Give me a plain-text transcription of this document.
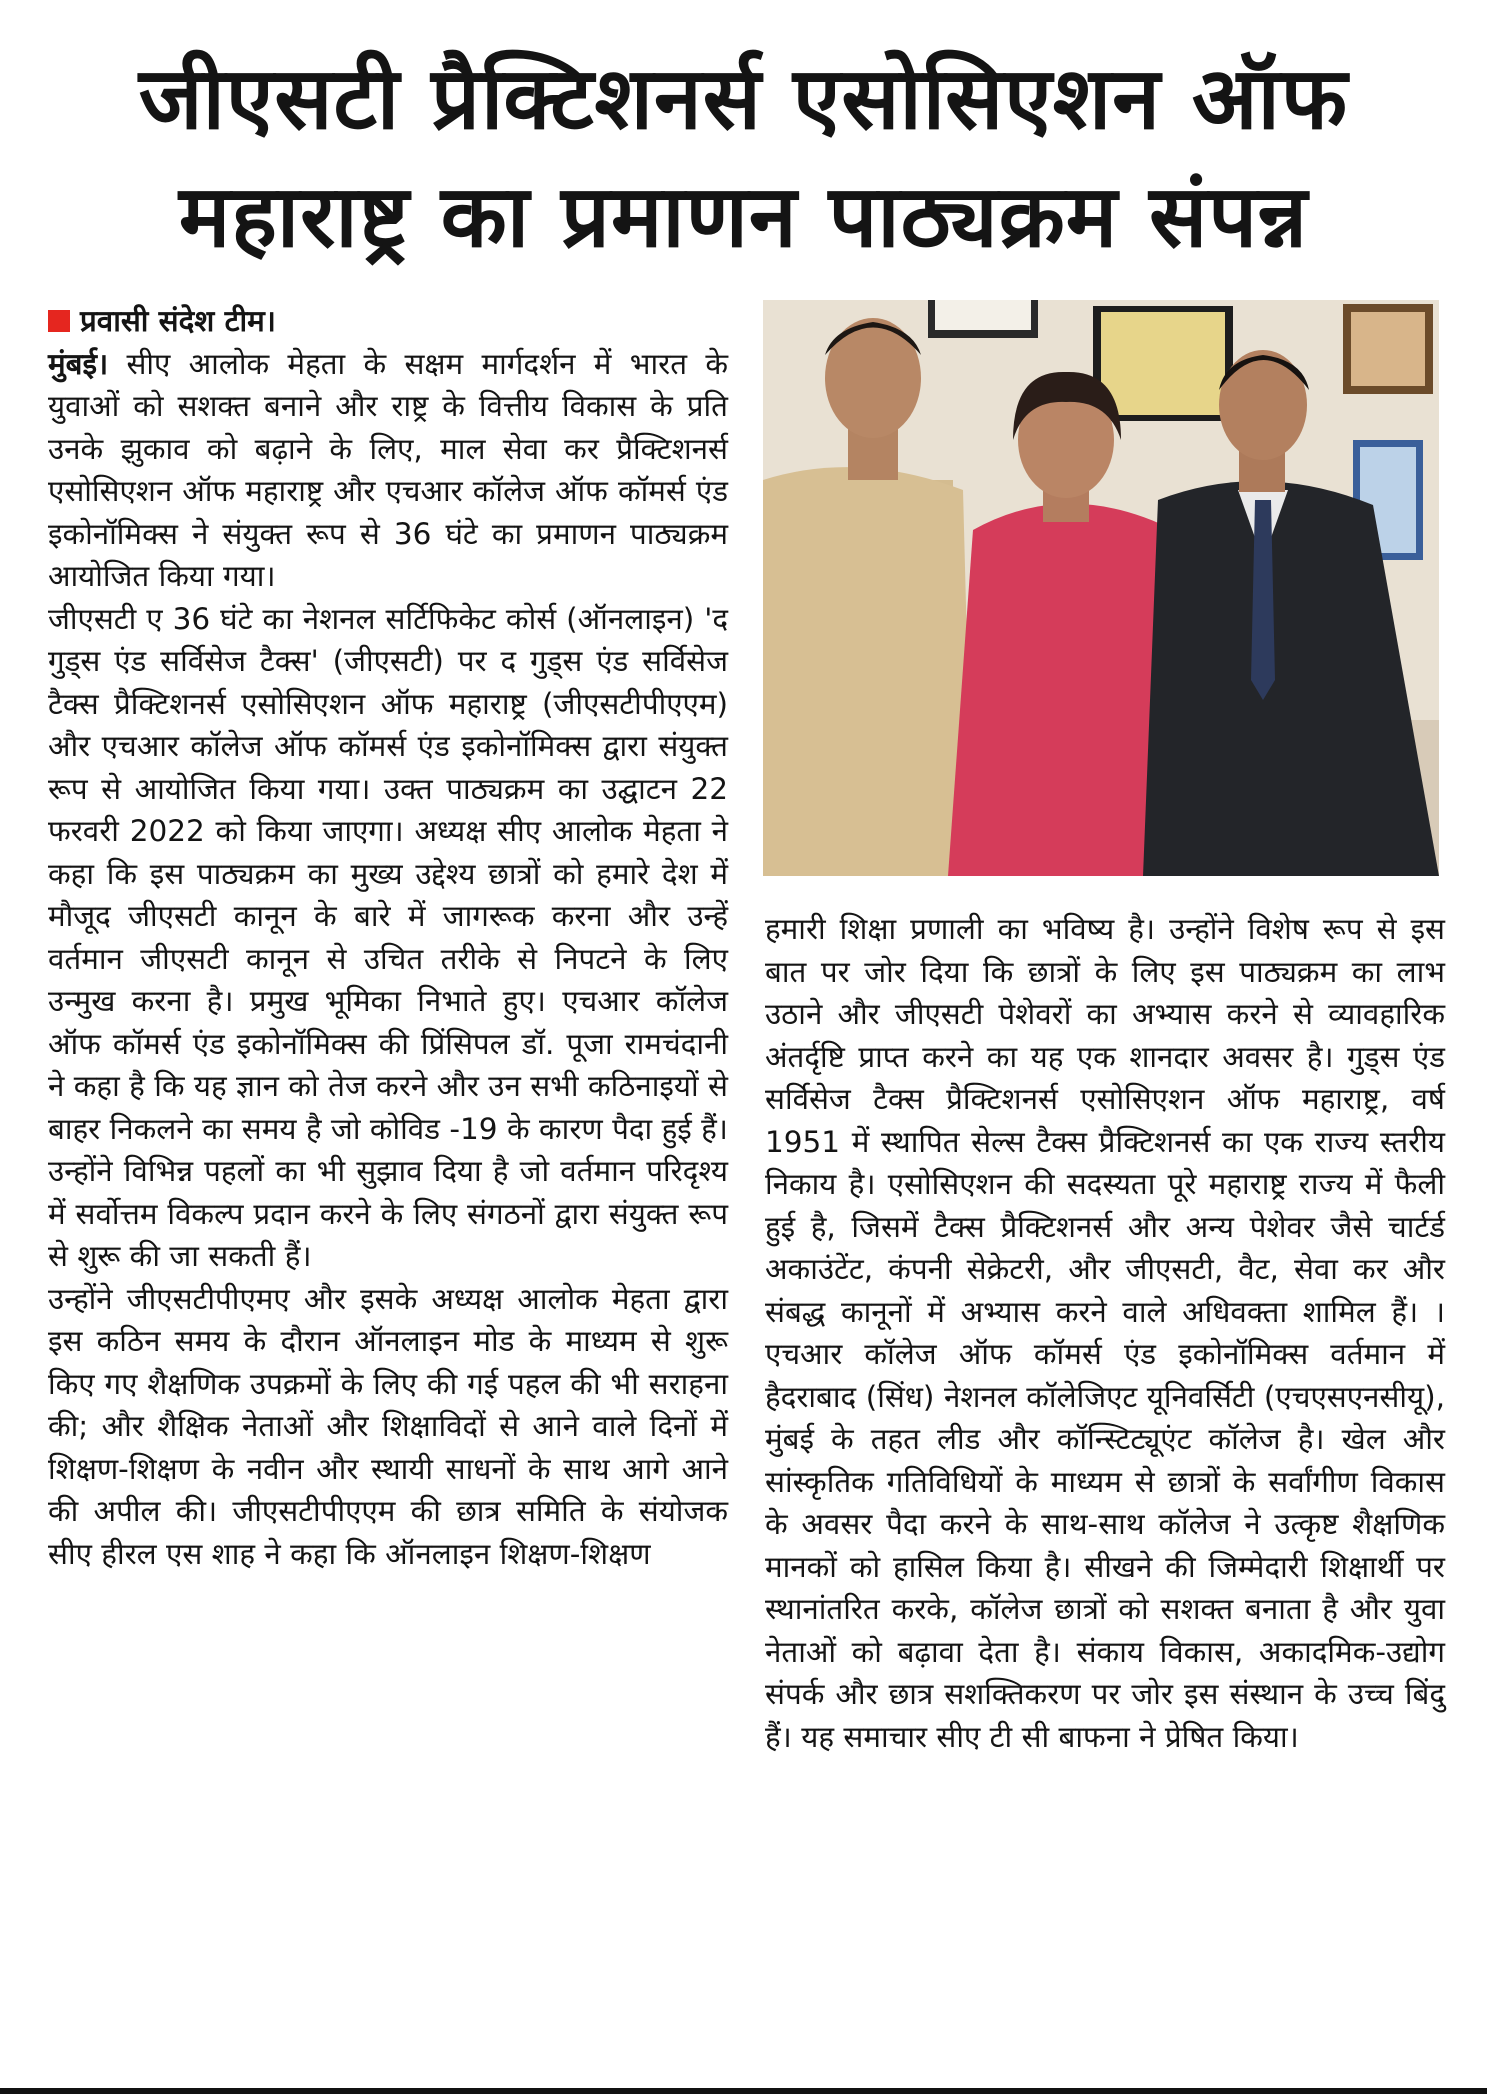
जीएसटी प्रैक्टिशनर्स एसोसिएशन ऑफ
महाराष्ट्र का प्रमाणन पाठ्यक्रम संपन्न

प्रवासी संदेश टीम।

मुंबई। सीए आलोक मेहता के सक्षम मार्गदर्शन में भारत के युवाओं को सशक्त बनाने और राष्ट्र के वित्तीय विकास के प्रति उनके झुकाव को बढ़ाने के लिए, माल सेवा कर प्रैक्टिशनर्स एसोसिएशन ऑफ महाराष्ट्र और एचआर कॉलेज ऑफ कॉमर्स एंड इकोनॉमिक्स ने संयुक्त रूप से 36 घंटे का प्रमाणन पाठ्यक्रम आयोजित किया गया।

जीएसटी ए 36 घंटे का नेशनल सर्टिफिकेट कोर्स (ऑनलाइन) 'द गुड्स एंड सर्विसेज टैक्स' (जीएसटी) पर द गुड्स एंड सर्विसेज टैक्स प्रैक्टिशनर्स एसोसिएशन ऑफ महाराष्ट्र (जीएसटीपीएएम) और एचआर कॉलेज ऑफ कॉमर्स एंड इकोनॉमिक्स द्वारा संयुक्त रूप से आयोजित किया गया। उक्त पाठ्यक्रम का उद्घाटन 22 फरवरी 2022 को किया जाएगा। अध्यक्ष सीए आलोक मेहता ने कहा कि इस पाठ्यक्रम का मुख्य उद्देश्य छात्रों को हमारे देश में मौजूद जीएसटी कानून के बारे में जागरूक करना और उन्हें वर्तमान जीएसटी कानून से उचित तरीके से निपटने के लिए उन्मुख करना है। प्रमुख भूमिका निभाते हुए। एचआर कॉलेज ऑफ कॉमर्स एंड इकोनॉमिक्स की प्रिंसिपल डॉ. पूजा रामचंदानी ने कहा है कि यह ज्ञान को तेज करने और उन सभी कठिनाइयों से बाहर निकलने का समय है जो कोविड -19 के कारण पैदा हुई हैं। उन्होंने विभिन्न पहलों का भी सुझाव दिया है जो वर्तमान परिदृश्य में सर्वोत्तम विकल्प प्रदान करने के लिए संगठनों द्वारा संयुक्त रूप से शुरू की जा सकती हैं।

उन्होंने जीएसटीपीएमए और इसके अध्यक्ष आलोक मेहता द्वारा इस कठिन समय के दौरान ऑनलाइन मोड के माध्यम से शुरू किए गए शैक्षणिक उपक्रमों के लिए की गई पहल की भी सराहना की; और शैक्षिक नेताओं और शिक्षाविदों से आने वाले दिनों में शिक्षण-शिक्षण के नवीन और स्थायी साधनों के साथ आगे आने की अपील की। जीएसटीपीएएम की छात्र समिति के संयोजक सीए हीरल एस शाह ने कहा कि ऑनलाइन शिक्षण-शिक्षण

हमारी शिक्षा प्रणाली का भविष्य है। उन्होंने विशेष रूप से इस बात पर जोर दिया कि छात्रों के लिए इस पाठ्यक्रम का लाभ उठाने और जीएसटी पेशेवरों का अभ्यास करने से व्यावहारिक अंतर्दृष्टि प्राप्त करने का यह एक शानदार अवसर है। गुड्स एंड सर्विसेज टैक्स प्रैक्टिशनर्स एसोसिएशन ऑफ महाराष्ट्र, वर्ष 1951 में स्थापित सेल्स टैक्स प्रैक्टिशनर्स का एक राज्य स्तरीय निकाय है। एसोसिएशन की सदस्यता पूरे महाराष्ट्र राज्य में फैली हुई है, जिसमें टैक्स प्रैक्टिशनर्स और अन्य पेशेवर जैसे चार्टर्ड अकाउंटेंट, कंपनी सेक्रेटरी, और जीएसटी, वैट, सेवा कर और संबद्ध कानूनों में अभ्यास करने वाले अधिवक्ता शामिल हैं। । एचआर कॉलेज ऑफ कॉमर्स एंड इकोनॉमिक्स वर्तमान में हैदराबाद (सिंध) नेशनल कॉलेजिएट यूनिवर्सिटी (एचएसएनसीयू), मुंबई के तहत लीड और कॉन्स्टिट्यूएंट कॉलेज है। खेल और सांस्कृतिक गतिविधियों के माध्यम से छात्रों के सर्वांगीण विकास के अवसर पैदा करने के साथ-साथ कॉलेज ने उत्कृष्ट शैक्षणिक मानकों को हासिल किया है। सीखने की जिम्मेदारी शिक्षार्थी पर स्थानांतरित करके, कॉलेज छात्रों को सशक्त बनाता है और युवा नेताओं को बढ़ावा देता है। संकाय विकास, अकादमिक-उद्योग संपर्क और छात्र सशक्तिकरण पर जोर इस संस्थान के उच्च बिंदु हैं। यह समाचार सीए टी सी बाफना ने प्रेषित किया।
